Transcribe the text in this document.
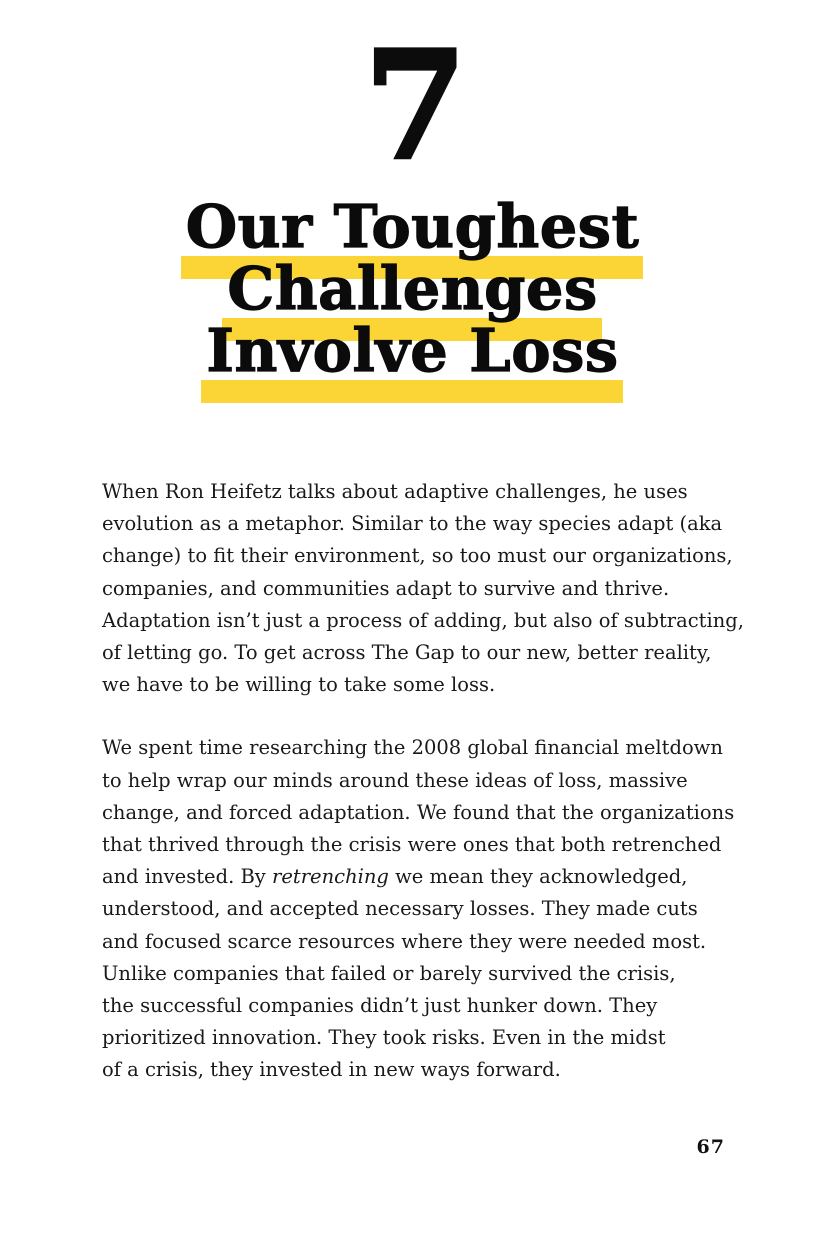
7
Our Toughest
Challenges
Involve Loss
When Ron Heifetz talks about adaptive challenges, he uses
evolution as a metaphor. Similar to the way species adapt (aka
change) to fit their environment, so too must our organizations,
companies, and communities adapt to survive and thrive.
Adaptation isn’t just a process of adding, but also of subtracting,
of letting go. To get across The Gap to our new, better reality,
we have to be willing to take some loss.
We spent time researching the 2008 global financial meltdown
to help wrap our minds around these ideas of loss, massive
change, and forced adaptation. We found that the organizations
that thrived through the crisis were ones that both retrenched
and invested. By retrenching we mean they acknowledged,
understood, and accepted necessary losses. They made cuts
and focused scarce resources where they were needed most.
Unlike companies that failed or barely survived the crisis,
the successful companies didn’t just hunker down. They
prioritized innovation. They took risks. Even in the midst
of a crisis, they invested in new ways forward.
67
